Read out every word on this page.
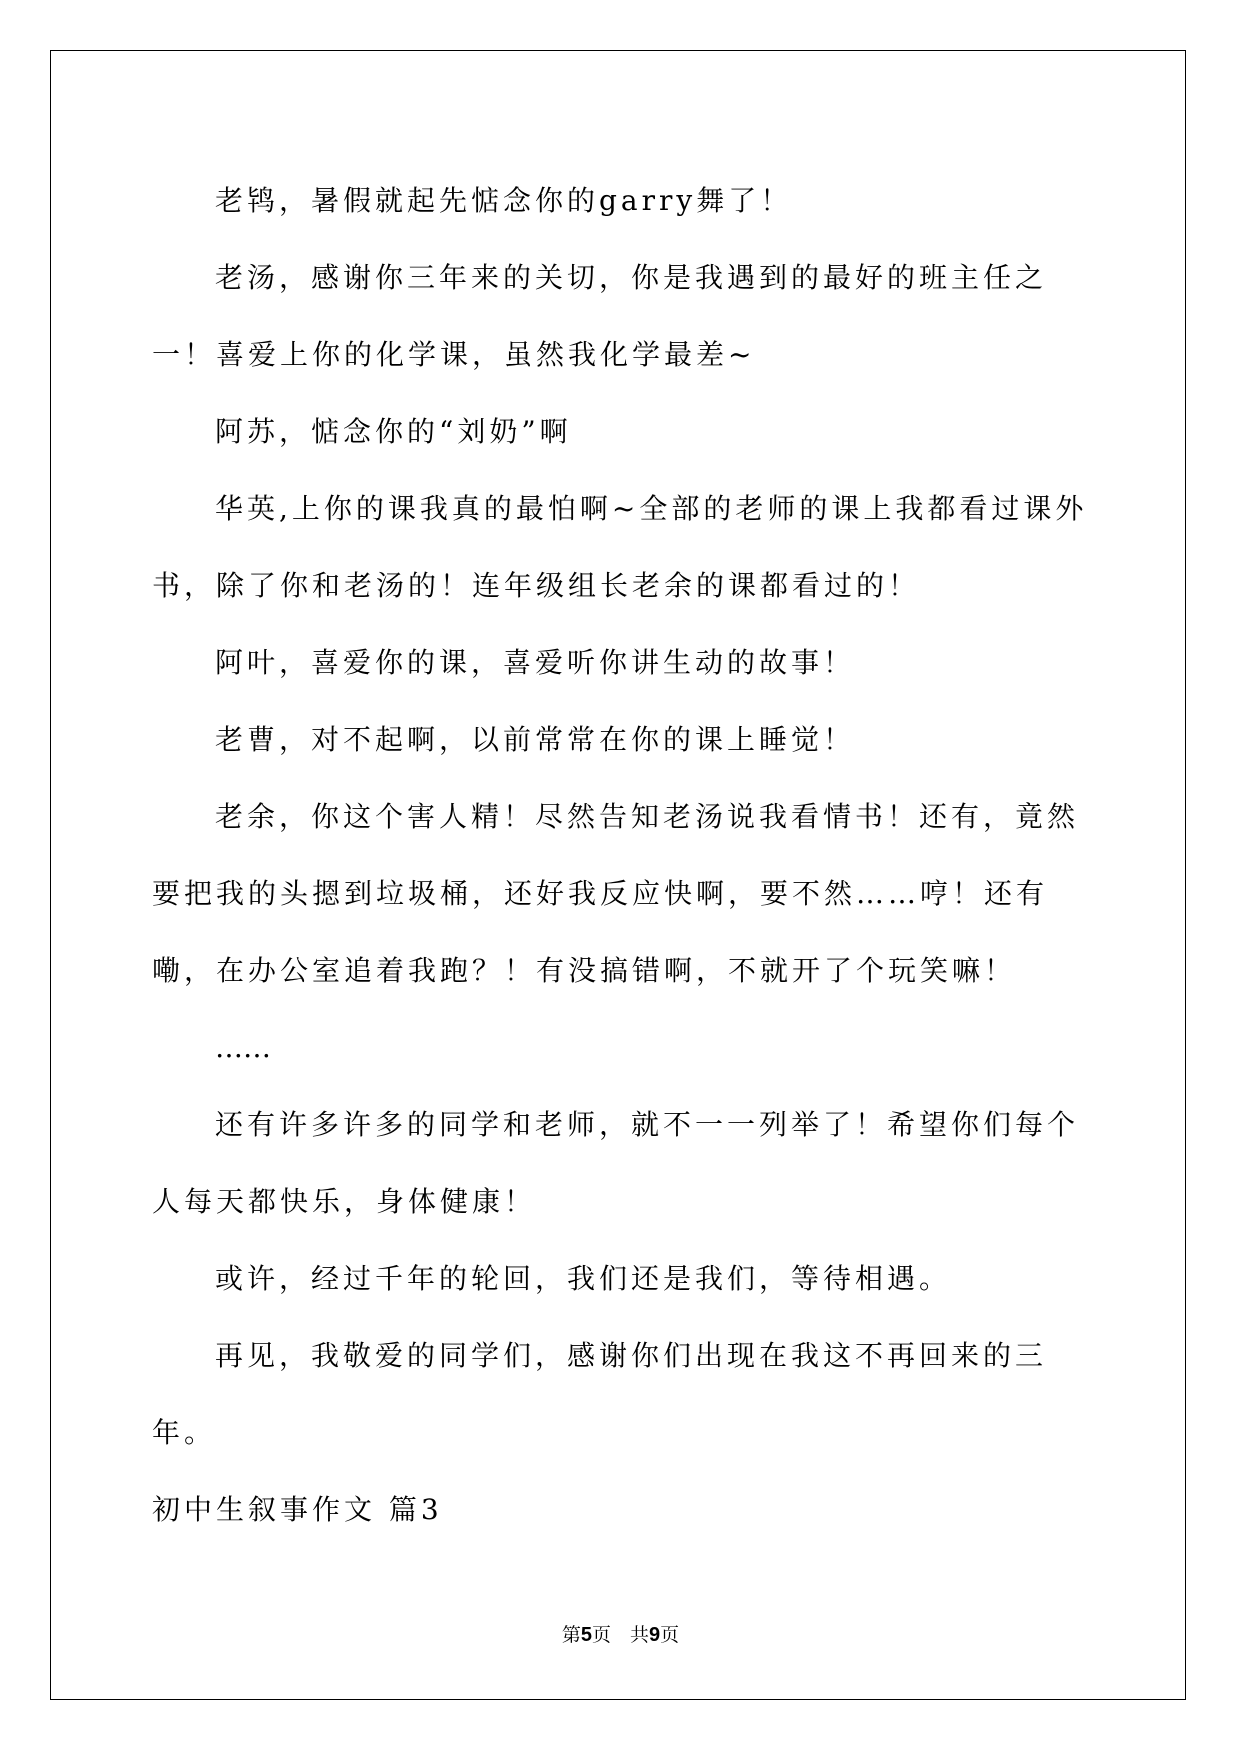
老鸨，暑假就起先惦念你的garry舞了！

老汤，感谢你三年来的关切，你是我遇到的最好的班主任之一！喜爱上你的化学课，虽然我化学最差~

阿苏，惦念你的“刘奶”啊

华英,上你的课我真的最怕啊~全部的老师的课上我都看过课外书，除了你和老汤的！连年级组长老余的课都看过的！

阿叶，喜爱你的课，喜爱听你讲生动的故事！

老曹，对不起啊，以前常常在你的课上睡觉！

老余，你这个害人精！尽然告知老汤说我看情书！还有，竟然要把我的头摁到垃圾桶，还好我反应快啊，要不然……哼！还有嘞，在办公室追着我跑？！有没搞错啊，不就开了个玩笑嘛！

……

还有许多许多的同学和老师，就不一一列举了！希望你们每个人每天都快乐，身体健康！

或许，经过千年的轮回，我们还是我们，等待相遇。

再见，我敬爱的同学们，感谢你们出现在我这不再回来的三年。

初中生叙事作文 篇3

第5页　共9页
